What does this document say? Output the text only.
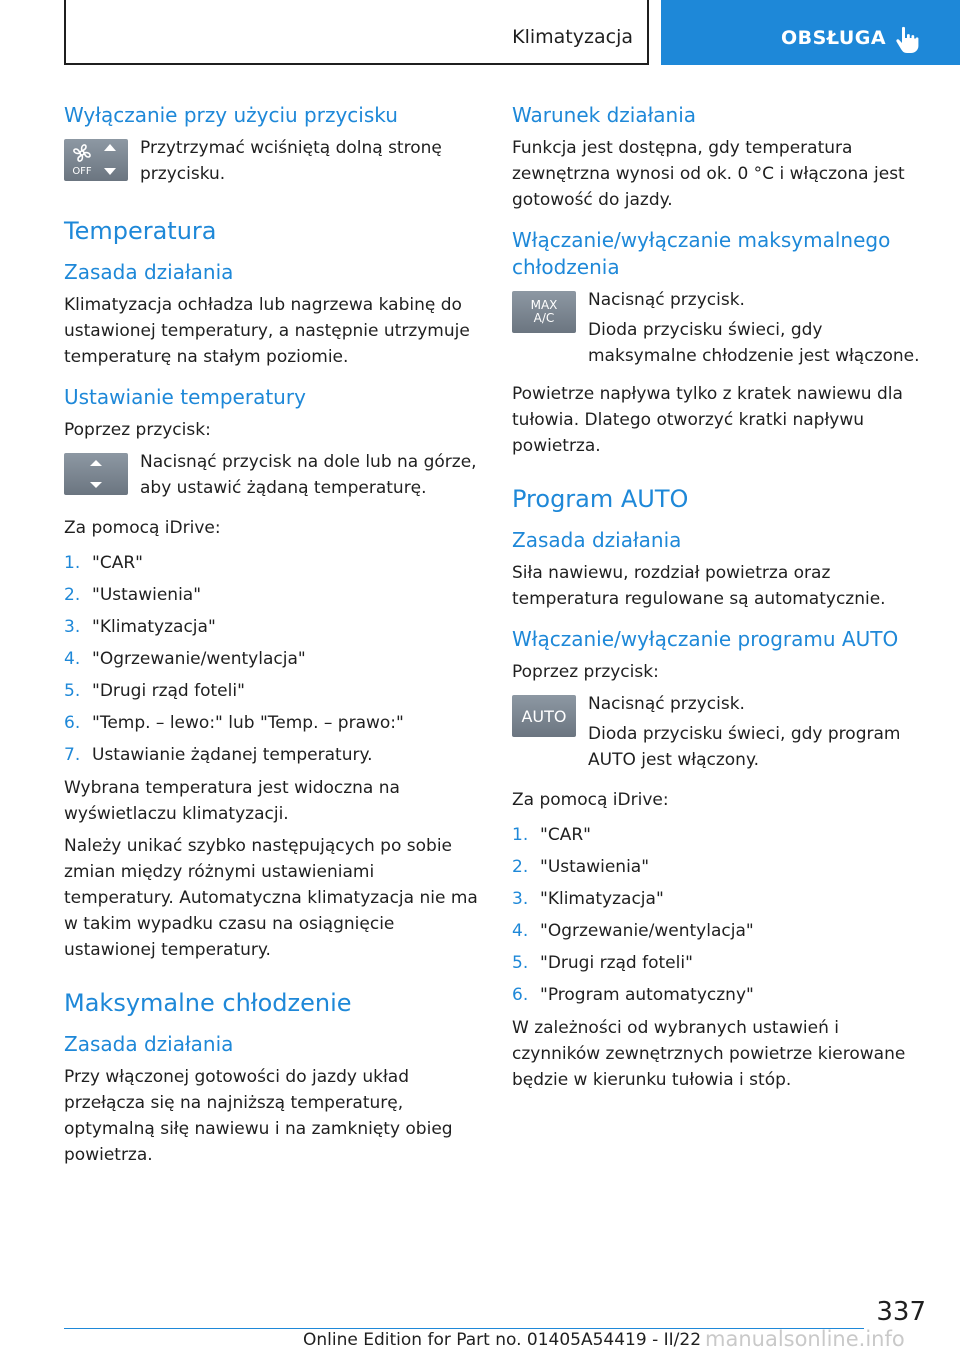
Klimatyzacja	OBSŁUGA
Wyłączanie przy użyciu przycisku
OFF

Przytrzymać wciśniętą dolną stronę przycisku.

Temperatura
Zasada działania

Klimatyzacja ochładza lub nagrzewa kabinę do ustawionej temperatury, a następnie utrzymuje temperaturę na stałym poziomie.

Ustawianie temperatury

Poprzez przycisk:

Nacisnąć przycisk na dole lub na górze, aby ustawić żądaną temperaturę.

Za pomocą iDrive:

1. "CAR"
2. "Ustawienia"
3. "Klimatyzacja"
4. "Ogrzewanie/wentylacja"
5. "Drugi rząd foteli"
6. "Temp. – lewo:" lub "Temp. – prawo:"
7. Ustawianie żądanej temperatury.

Wybrana temperatura jest widoczna na wyświetlaczu klimatyzacji.

Należy unikać szybko następujących po sobie zmian między różnymi ustawieniami temperatury. Automatyczna klimatyzacja nie ma w takim wypadku czasu na osiągnięcie ustawionej temperatury.

Maksymalne chłodzenie
Zasada działania

Przy włączonej gotowości do jazdy układ przełącza się na najniższą temperaturę, optymalną siłę nawiewu i na zamknięty obieg powietrza.

Warunek działania

Funkcja jest dostępna, gdy temperatura zewnętrzna wynosi od ok. 0 °C i włączona jest gotowość do jazdy.

Włączanie/wyłączanie maksymalnego chłodzenia
MAX
A/C

Nacisnąć przycisk.

Dioda przycisku świeci, gdy maksymalne chłodzenie jest włączone.

Powietrze napływa tylko z kratek nawiewu dla tułowia. Dlatego otworzyć kratki napływu powietrza.

Program AUTO
Zasada działania

Siła nawiewu, rozdział powietrza oraz temperatura regulowane są automatycznie.

Włączanie/wyłączanie programu AUTO

Poprzez przycisk:

AUTO

Nacisnąć przycisk.

Dioda przycisku świeci, gdy program AUTO jest włączony.

Za pomocą iDrive:

1. "CAR"
2. "Ustawienia"
3. "Klimatyzacja"
4. "Ogrzewanie/wentylacja"
5. "Drugi rząd foteli"
6. "Program automatyczny"

W zależności od wybranych ustawień i czynników zewnętrznych powietrze kierowane będzie w kierunku tułowia i stóp.

337
Online Edition for Part no. 01405A54419 - II/22 manualsonline.info
